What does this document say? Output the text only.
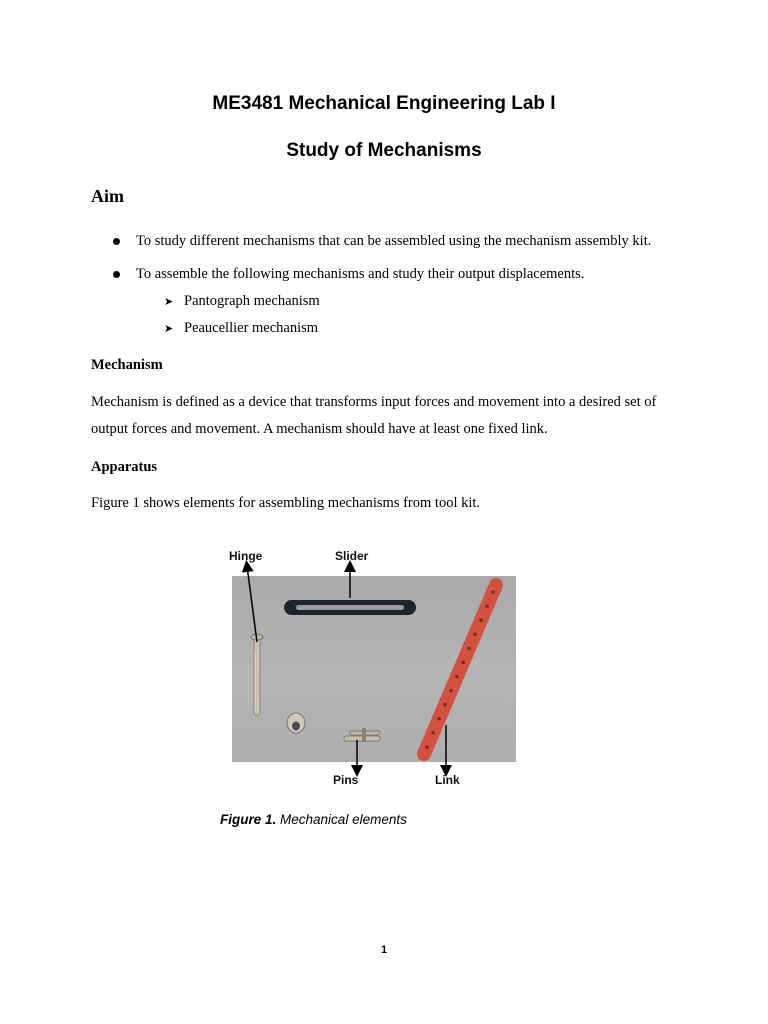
ME3481 Mechanical Engineering Lab I
Study of Mechanisms
Aim
To study different mechanisms that can be assembled using the mechanism assembly kit.
To assemble the following mechanisms and study their output displacements.
➤ Pantograph mechanism
➤ Peaucellier mechanism
Mechanism
Mechanism is defined as a device that transforms input forces and movement into a desired set of output forces and movement. A mechanism should have at least one fixed link.
Apparatus
Figure 1 shows elements for assembling mechanisms from tool kit.
Hinge	Slider
Pins	Link
Figure 1. Mechanical elements
1
